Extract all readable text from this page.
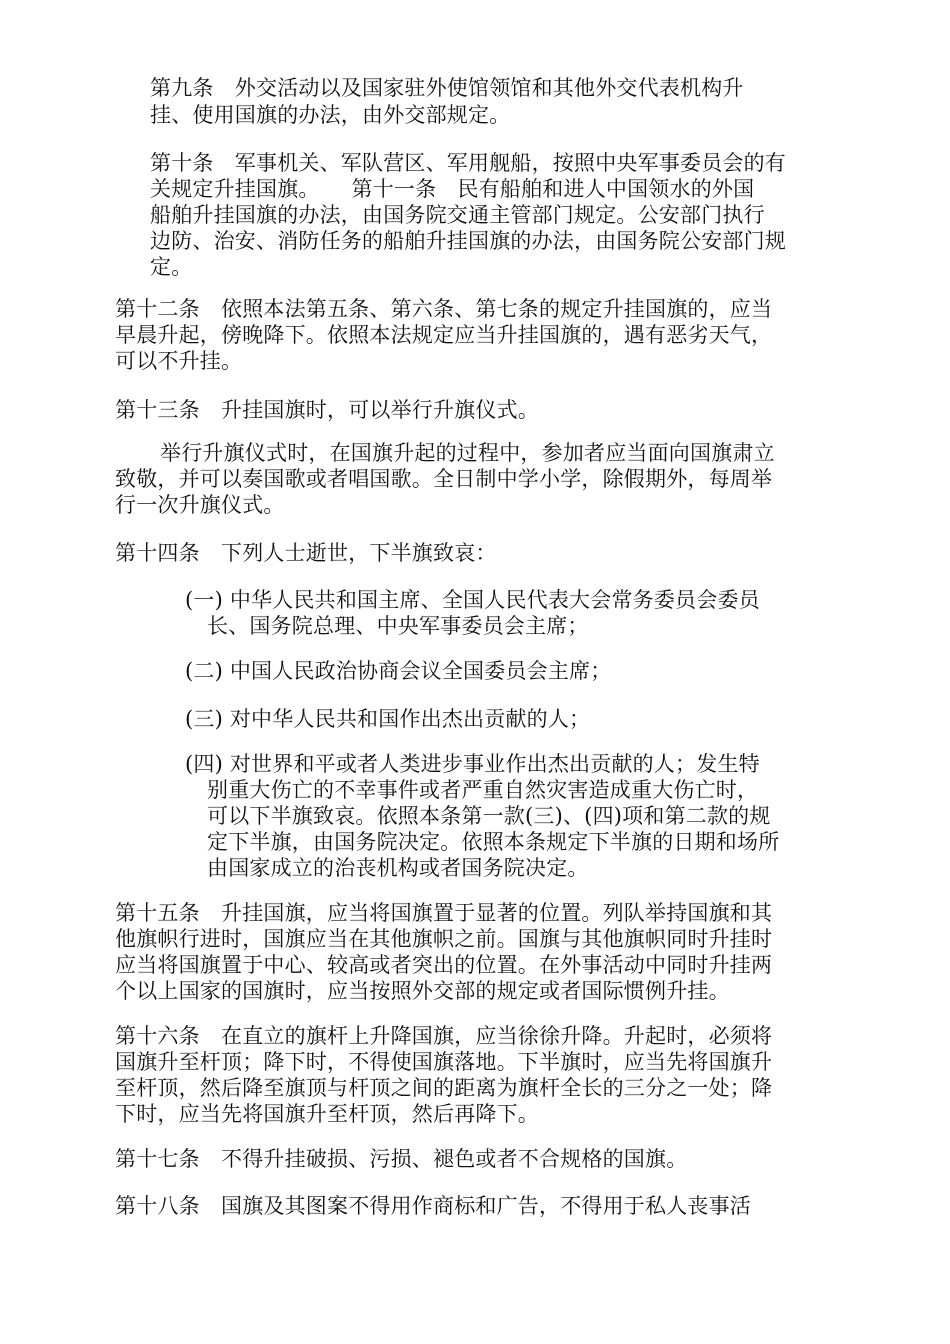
第九条　外交活动以及国家驻外使馆领馆和其他外交代表机构升
挂、使用国旗的办法，由外交部规定。
第十条　军事机关、军队营区、军用舰船，按照中央军事委员会的有
关规定升挂国旗。　　第十一条　民有船舶和进人中国领水的外国
船舶升挂国旗的办法，由国务院交通主管部门规定。公安部门执行
边防、治安、消防任务的船舶升挂国旗的办法，由国务院公安部门规
定。
第十二条　依照本法第五条、第六条、第七条的规定升挂国旗的，应当
早晨升起，傍晚降下。依照本法规定应当升挂国旗的，遇有恶劣天气，
可以不升挂。
第十三条　升挂国旗时，可以举行升旗仪式。
举行升旗仪式时，在国旗升起的过程中，参加者应当面向国旗肃立
致敬，并可以奏国歌或者唱国歌。全日制中学小学，除假期外，每周举
行一次升旗仪式。
第十四条　下列人士逝世，下半旗致哀：
(一) 中华人民共和国主席、全国人民代表大会常务委员会委员
长、国务院总理、中央军事委员会主席；
(二) 中国人民政治协商会议全国委员会主席；
(三) 对中华人民共和国作出杰出贡献的人；
(四) 对世界和平或者人类进步事业作出杰出贡献的人；发生特
别重大伤亡的不幸事件或者严重自然灾害造成重大伤亡时，
可以下半旗致哀。依照本条第一款(三)、(四)项和第二款的规
定下半旗，由国务院决定。依照本条规定下半旗的日期和场所
由国家成立的治丧机构或者国务院决定。
第十五条　升挂国旗，应当将国旗置于显著的位置。列队举持国旗和其
他旗帜行进时，国旗应当在其他旗帜之前。国旗与其他旗帜同时升挂时
应当将国旗置于中心、较高或者突出的位置。在外事活动中同时升挂两
个以上国家的国旗时，应当按照外交部的规定或者国际惯例升挂。
第十六条　在直立的旗杆上升降国旗，应当徐徐升降。升起时，必须将
国旗升至杆顶；降下时，不得使国旗落地。下半旗时，应当先将国旗升
至杆顶，然后降至旗顶与杆顶之间的距离为旗杆全长的三分之一处；降
下时，应当先将国旗升至杆顶，然后再降下。
第十七条　不得升挂破损、污损、褪色或者不合规格的国旗。
第十八条　国旗及其图案不得用作商标和广告，不得用于私人丧事活
